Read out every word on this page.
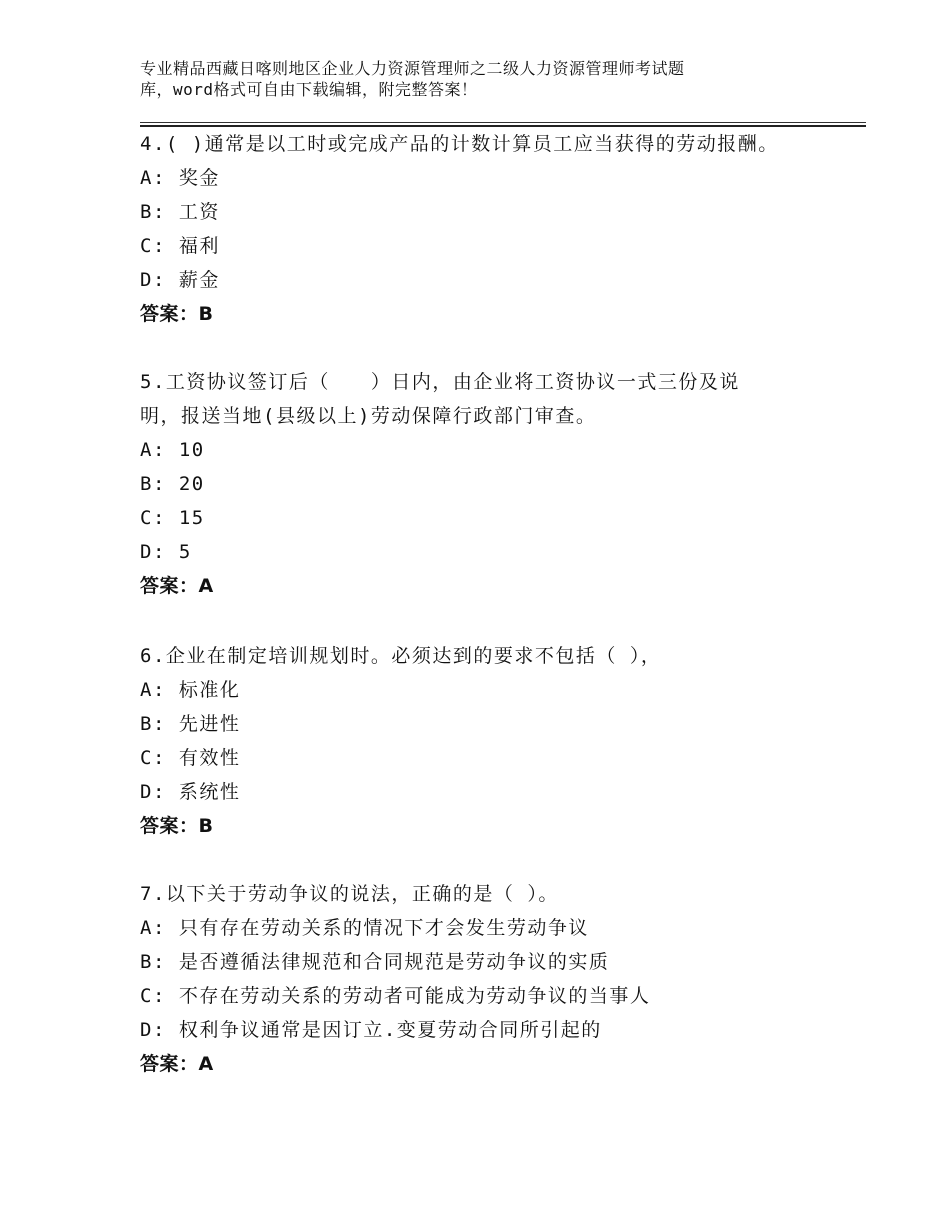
专业精品西藏日喀则地区企业人力资源管理师之二级人力资源管理师考试题
库，word格式可自由下载编辑，附完整答案！
4.( )通常是以工时或完成产品的计数计算员工应当获得的劳动报酬。
A: 奖金
B: 工资
C: 福利
D: 薪金
答案：B
5.工资协议签订后（　　）日内，由企业将工资协议一式三份及说
明，报送当地(县级以上)劳动保障行政部门审查。
A: 10
B: 20
C: 15
D: 5
答案：A
6.企业在制定培训规划时。必须达到的要求不包括（ ），
A: 标准化
B: 先进性
C: 有效性
D: 系统性
答案：B
7.以下关于劳动争议的说法，正确的是（ ）。
A: 只有存在劳动关系的情况下才会发生劳动争议
B: 是否遵循法律规范和合同规范是劳动争议的实质
C: 不存在劳动关系的劳动者可能成为劳动争议的当事人
D: 权利争议通常是因订立.变夏劳动合同所引起的
答案：A
